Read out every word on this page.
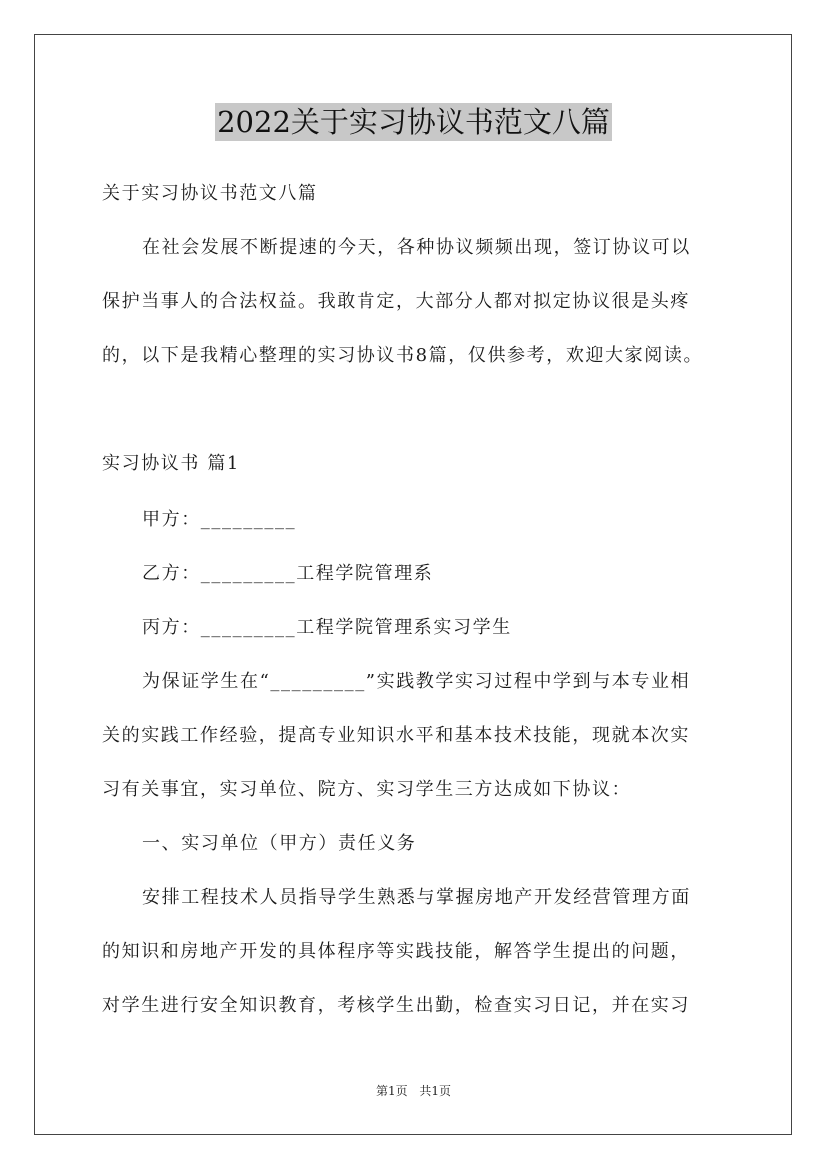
2022关于实习协议书范文八篇
关于实习协议书范文八篇
在社会发展不断提速的今天，各种协议频频出现，签订协议可以
保护当事人的合法权益。我敢肯定，大部分人都对拟定协议很是头疼
的，以下是我精心整理的实习协议书8篇，仅供参考，欢迎大家阅读。
实习协议书 篇1
甲方：_________
乙方：_________工程学院管理系
丙方：_________工程学院管理系实习学生
为保证学生在“_________”实践教学实习过程中学到与本专业相
关的实践工作经验，提高专业知识水平和基本技术技能，现就本次实
习有关事宜，实习单位、院方、实习学生三方达成如下协议：
一、实习单位（甲方）责任义务
安排工程技术人员指导学生熟悉与掌握房地产开发经营管理方面
的知识和房地产开发的具体程序等实践技能，解答学生提出的问题，
对学生进行安全知识教育，考核学生出勤，检查实习日记，并在实习
第1页 共1页
